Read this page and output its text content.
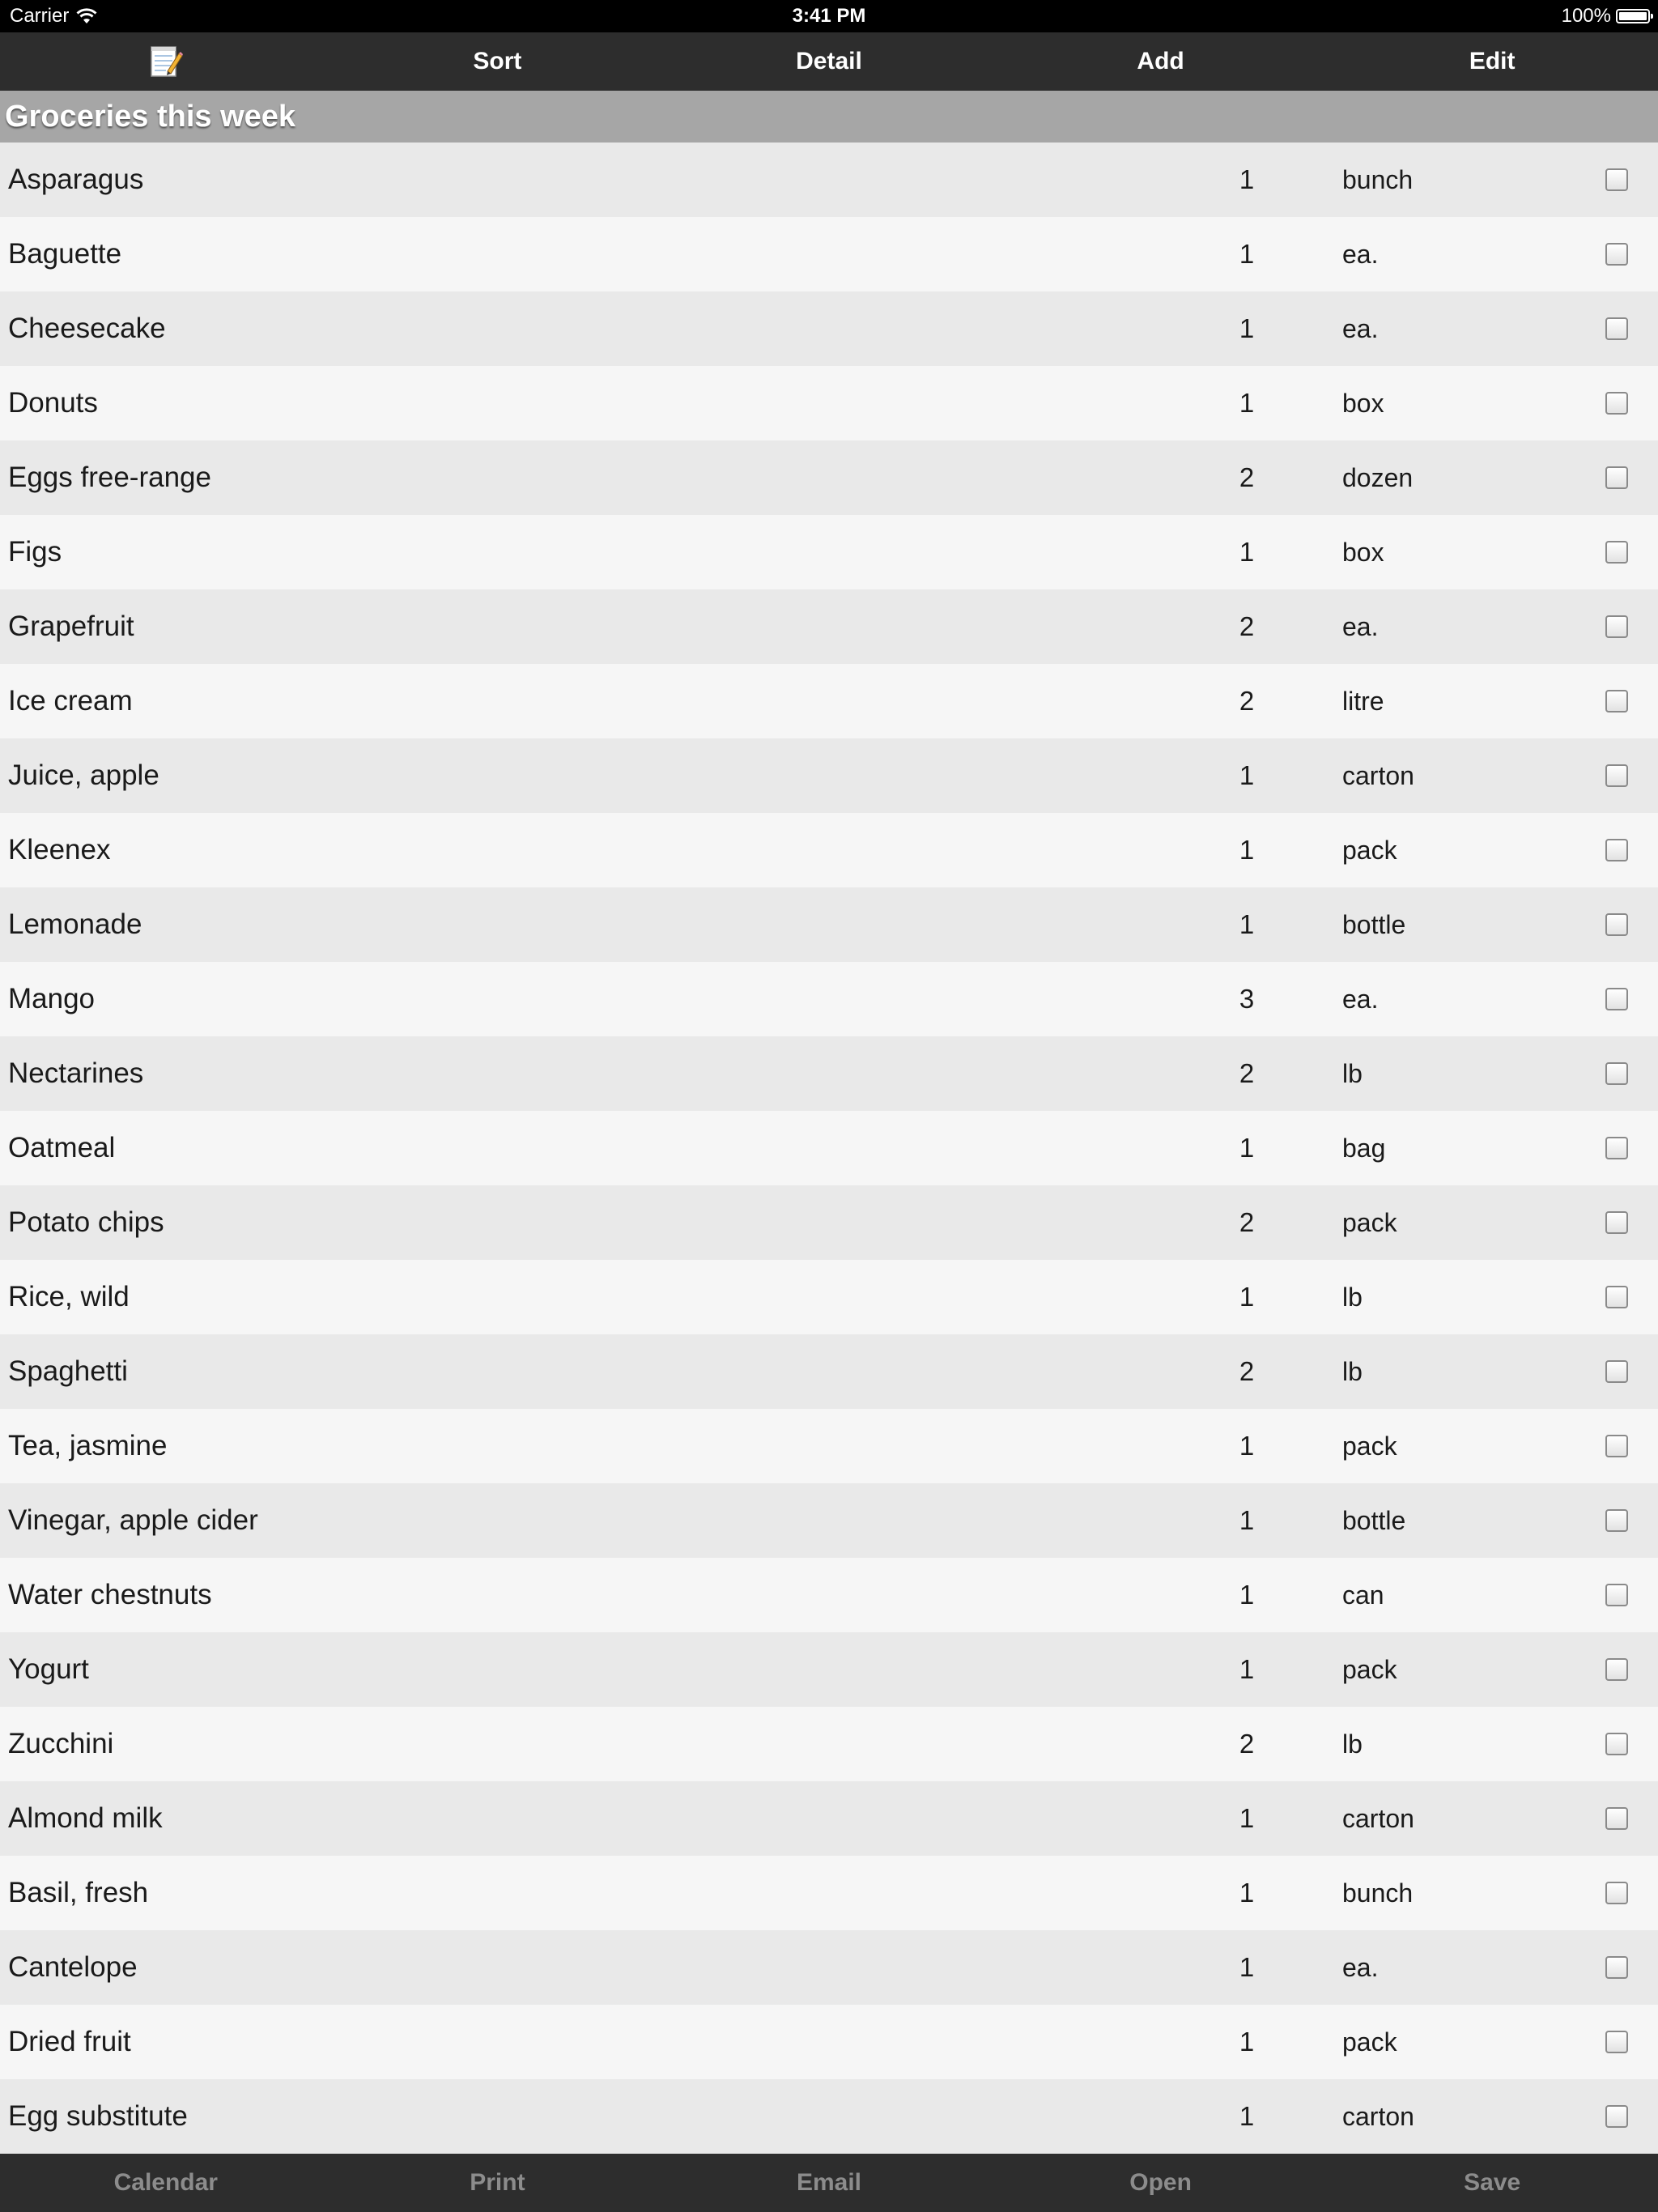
Carrier	3:41 PM	100%
Sort	Detail	Add	Edit
Groceries this week
Asparagus	1	bunch
Baguette	1	ea.
Cheesecake	1	ea.
Donuts	1	box
Eggs free-range	2	dozen
Figs	1	box
Grapefruit	2	ea.
Ice cream	2	litre
Juice, apple	1	carton
Kleenex	1	pack
Lemonade	1	bottle
Mango	3	ea.
Nectarines	2	lb
Oatmeal	1	bag
Potato chips	2	pack
Rice, wild	1	lb
Spaghetti	2	lb
Tea, jasmine	1	pack
Vinegar, apple cider	1	bottle
Water chestnuts	1	can
Yogurt	1	pack
Zucchini	2	lb
Almond milk	1	carton
Basil, fresh	1	bunch
Cantelope	1	ea.
Dried fruit	1	pack
Egg substitute	1	carton
Calendar	Print	Email	Open	Save
